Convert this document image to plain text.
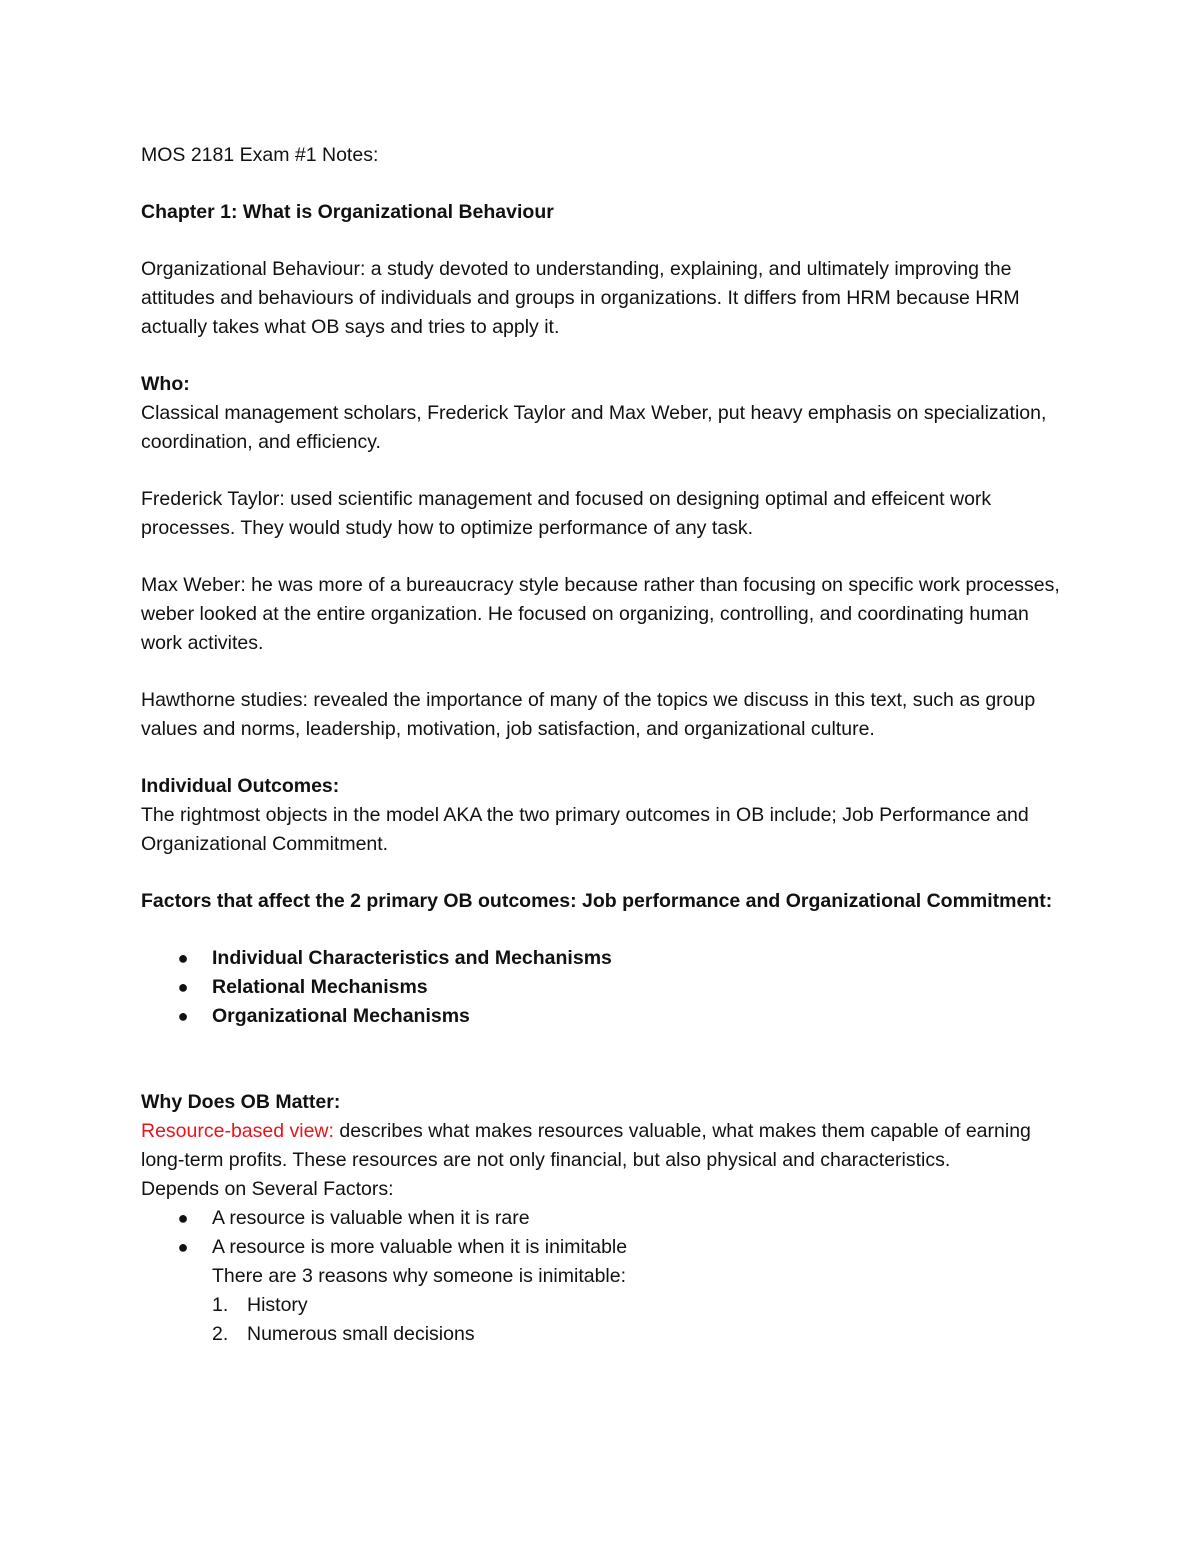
MOS 2181 Exam #1 Notes:

Chapter 1: What is Organizational Behaviour

Organizational Behaviour: a study devoted to understanding, explaining, and ultimately improving the attitudes and behaviours of individuals and groups in organizations. It differs from HRM because HRM actually takes what OB says and tries to apply it.

Who:

Classical management scholars, Frederick Taylor and Max Weber, put heavy emphasis on specialization, coordination, and efficiency.

Frederick Taylor: used scientific management and focused on designing optimal and effeicent work processes. They would study how to optimize performance of any task.

Max Weber: he was more of a bureaucracy style because rather than focusing on specific work processes, weber looked at the entire organization. He focused on organizing, controlling, and coordinating human work activites.

Hawthorne studies: revealed the importance of many of the topics we discuss in this text, such as group values and norms, leadership, motivation, job satisfaction, and organizational culture.

Individual Outcomes:

The rightmost objects in the model AKA the two primary outcomes in OB include; Job Performance and Organizational Commitment.

Factors that affect the 2 primary OB outcomes: Job performance and Organizational Commitment:

● Individual Characteristics and Mechanisms
● Relational Mechanisms
● Organizational Mechanisms

Why Does OB Matter:

Resource-based view: describes what makes resources valuable, what makes them capable of earning long-term profits. These resources are not only financial, but also physical and characteristics.

Depends on Several Factors:

● A resource is valuable when it is rare
● A resource is more valuable when it is inimitable

There are 3 reasons why someone is inimitable:

1. History
2. Numerous small decisions
